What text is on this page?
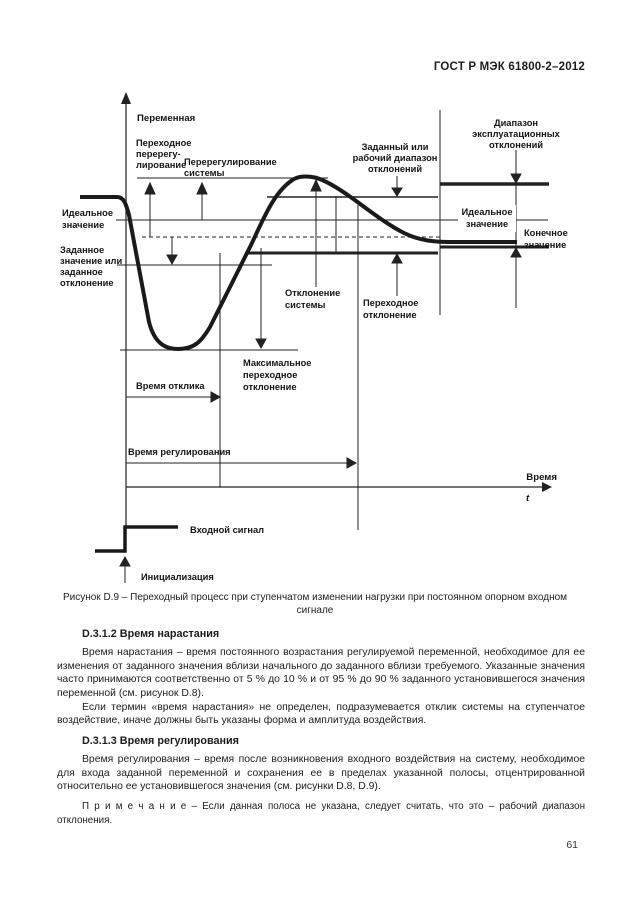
ГОСТ Р МЭК 61800-2–2012
Переменная
Переходное
перерегу-
лирование
Перерегулирование
системы
Заданный или
рабочий диапазон
отклонений
Диапазон
эксплуатационных
отклонений
Идеальное
значение
Заданное
значение или
заданное
отклонение
Идеальное
значение
Конечное
значение
Отклонение
системы	Переходное
отклонение
Максимальное
переходное
отклонение
Время отклика
Время регулирования
Время
t
Входной сигнал
Инициализация
Рисунок D.9 – Переходный процесс при ступенчатом изменении нагрузки при постоянном опорном входном сигнале
D.3.1.2 Время нарастания

Время нарастания – время постоянного возрастания регулируемой переменной, необходимое для ее изменения от заданного значения вблизи начального до заданного вблизи требуемого. Указанные значения часто принимаются соответственно от 5 % до 10 % и от 95 % до 90 % заданного установившегося значения переменной (см. рисунок D.8).

Если термин «время нарастания» не определен, подразумевается отклик системы на ступенчатое воздействие, иначе должны быть указаны форма и амплитуда воздействия.

D.3.1.3 Время регулирования

Время регулирования – время после возникновения входного воздействия на систему, необходимое для входа заданной переменной и сохранения ее в пределах указанной полосы, отцентрированной относительно ее установившегося значения (см. рисунки D.8, D.9).

П р и м е ч а н и е – Если данная полоса не указана, следует считать, что это – рабочий диапазон отклонения.

61
